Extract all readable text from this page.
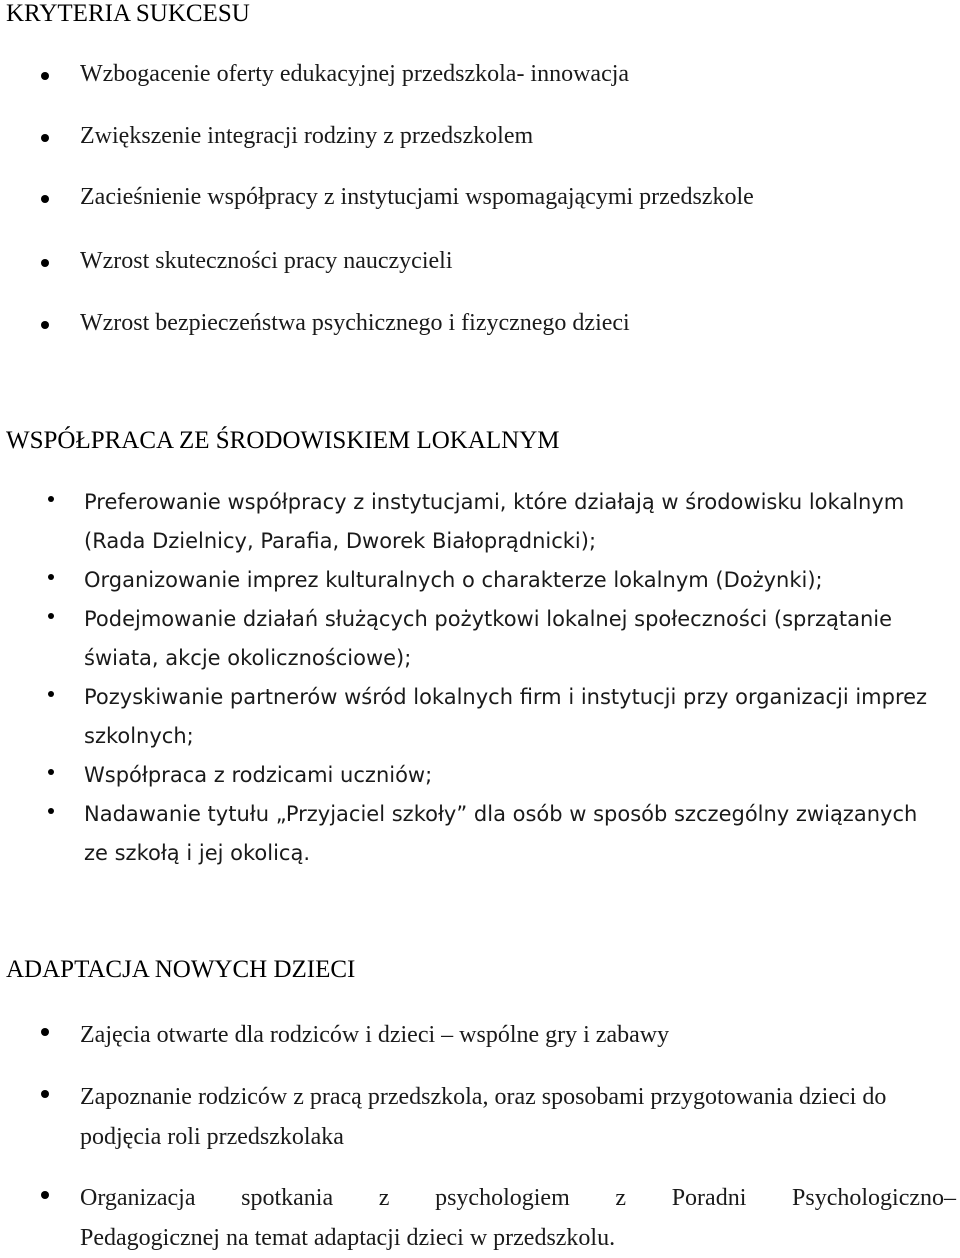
KRYTERIA SUKCESU

Wzbogacenie oferty edukacyjnej przedszkola- innowacja

Zwiększenie integracji rodziny z przedszkolem

Zacieśnienie współpracy z instytucjami wspomagającymi przedszkole

Wzrost skuteczności pracy nauczycieli

Wzrost bezpieczeństwa psychicznego i fizycznego dzieci

WSPÓŁPRACA ZE ŚRODOWISKIEM LOKALNYM

Preferowanie współpracy z instytucjami, które działają w środowisku lokalnym (Rada Dzielnicy, Parafia, Dworek Białoprądnicki);

Organizowanie imprez kulturalnych o charakterze lokalnym (Dożynki);

Podejmowanie działań służących pożytkowi lokalnej społeczności (sprzątanie świata, akcje okolicznościowe);

Pozyskiwanie partnerów wśród lokalnych firm i instytucji przy organizacji imprez szkolnych;

Współpraca z rodzicami uczniów;

Nadawanie tytułu „Przyjaciel szkoły” dla osób w sposób szczególny związanych ze szkołą i jej okolicą.

ADAPTACJA NOWYCH DZIECI

Zajęcia otwarte dla rodziców i dzieci – wspólne gry i zabawy

Zapoznanie rodziców z pracą przedszkola, oraz sposobami przygotowania dzieci do podjęcia roli przedszkolaka

Organizacja spotkania z psychologiem z Poradni Psychologiczno–
Pedagogicznej na temat adaptacji dzieci w przedszkolu.
